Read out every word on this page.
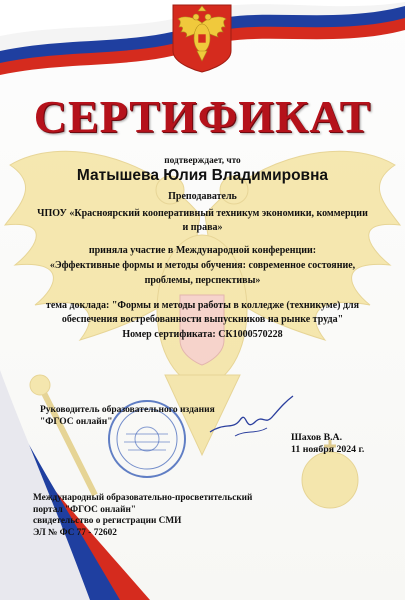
СЕРТИФИКАТ
подтверждает, что
Матышева Юлия Владимировна
Преподаватель
ЧПОУ «Красноярский кооперативный техникум экономики, коммерции
и права»
приняла участие в Международной конференции:
«Эффективные формы и методы обучения: современное состояние,
проблемы, перспективы»
тема доклада: "Формы и методы работы в колледже (техникуме) для
обеспечения востребованности выпускников на рынке труда"
Номер сертификата: СК1000570228
Руководитель образовательного издания
"ФГОС онлайн"
Шахов В.А.
11 ноября 2024 г.
Международный образовательно-просветительский
портал "ФГОС онлайн"
свидетельство о регистрации СМИ
ЭЛ № ФС 77 - 72602
